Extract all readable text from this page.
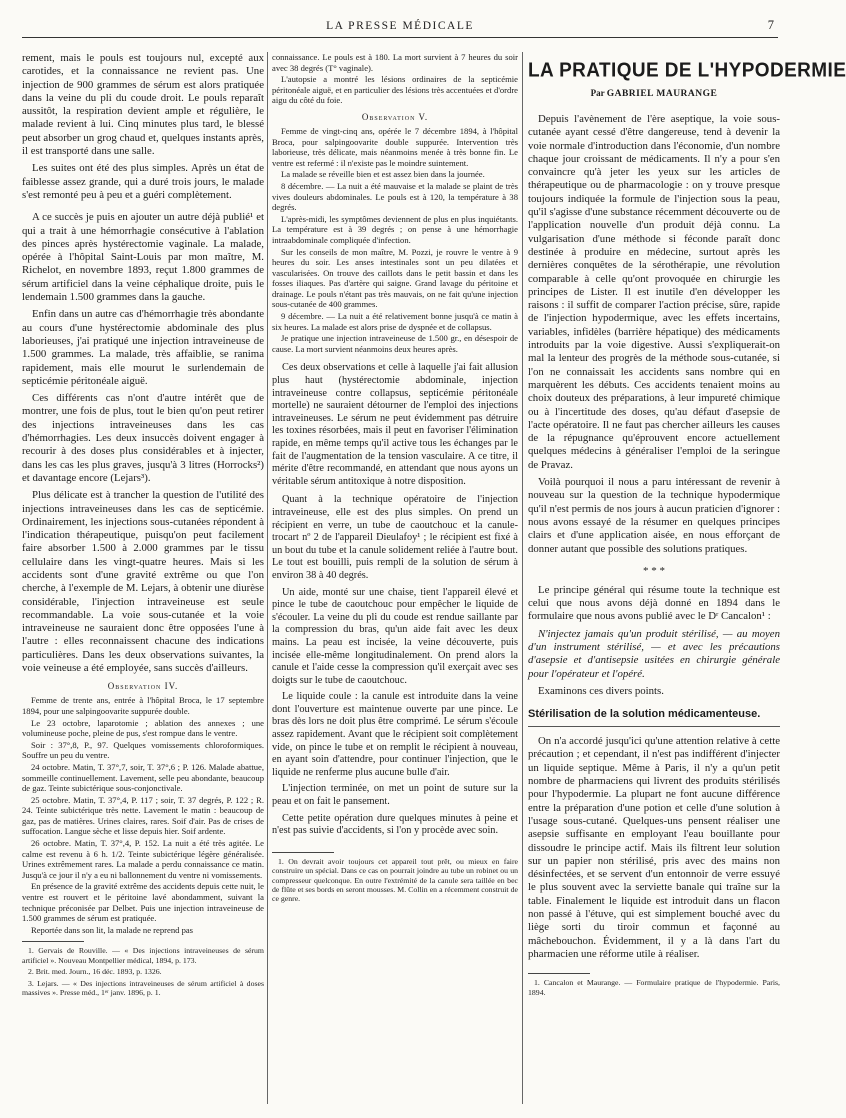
LA PRESSE MÉDICALE	7

rement, mais le pouls est toujours nul, excepté aux carotides, et la connaissance ne revient pas. Une injection de 900 grammes de sérum est alors pratiquée dans la veine du pli du coude droit. Le pouls reparaît aussitôt, la respiration devient ample et régulière, le malade revient à lui. Cinq minutes plus tard, le blessé peut absorber un grog chaud et, quelques instants après, il est transporté dans une salle.

Les suites ont été des plus simples. Après un état de faiblesse assez grande, qui a duré trois jours, le malade s'est remonté peu à peu et a guéri complètement.

A ce succès je puis en ajouter un autre déjà publié¹ et qui a trait à une hémorrhagie consécutive à l'ablation des pinces après hystérectomie vaginale. La malade, opérée à l'hôpital Saint-Louis par mon maître, M. Richelot, en novembre 1893, reçut 1.800 grammes de sérum artificiel dans la veine céphalique droite, puis le lendemain 1.500 grammes dans la gauche.

Enfin dans un autre cas d'hémorrhagie très abondante au cours d'une hystérectomie abdominale des plus laborieuses, j'ai pratiqué une injection intraveineuse de 1.500 grammes. La malade, très affaiblie, se ranima rapidement, mais elle mourut le surlendemain de septicémie péritonéale aiguë.

Ces différents cas n'ont d'autre intérêt que de montrer, une fois de plus, tout le bien qu'on peut retirer des injections intraveineuses dans les cas d'hémorrhagies. Les deux insuccès doivent engager à recourir à des doses plus considérables et à injecter, dans les cas les plus graves, jusqu'à 3 litres (Horrocks²) et davantage encore (Lejars³).

Plus délicate est à trancher la question de l'utilité des injections intraveineuses dans les cas de septicémie. Ordinairement, les injections sous-cutanées répondent à l'indication thérapeutique, puisqu'on peut facilement faire absorber 1.500 à 2.000 grammes par le tissu cellulaire dans les vingt-quatre heures. Mais si les accidents sont d'une gravité extrême ou que l'on cherche, à l'exemple de M. Lejars, à obtenir une diurèse considérable, l'injection intraveineuse est seule recommandable. La voie sous-cutanée et la voie intraveineuse ne sauraient donc être opposées l'une à l'autre : elles reconnaissent chacune des indications particulières. Dans les deux observations suivantes, la voie veineuse a été employée, sans succès d'ailleurs.

Observation IV.

Femme de trente ans, entrée à l'hôpital Broca, le 17 septembre 1894, pour une salpingoovarite suppurée double.

Le 23 octobre, laparotomie ; ablation des annexes ; une volumineuse poche, pleine de pus, s'est rompue dans le ventre.

Soir : 37°,8, P., 97. Quelques vomissements chloroformiques. Souffre un peu du ventre.

24 octobre. Matin, T. 37°,7, soir, T. 37°,6 ; P. 126. Malade abattue, sommeille continuellement. Lavement, selle peu abondante, beaucoup de gaz. Teinte subictérique sous-conjonctivale.

25 octobre. Matin, T. 37°,4, P. 117 ; soir, T. 37 degrés, P. 122 ; R. 24. Teinte subictérique très nette. Lavement le matin : beaucoup de gaz, pas de matières. Urines claires, rares. Soif d'air. Pas de crises de suffocation. Langue sèche et lisse depuis hier. Soif ardente.

26 octobre. Matin, T. 37°,4, P. 152. La nuit a été très agitée. Le calme est revenu à 6 h. 1/2. Teinte subictérique légère généralisée. Urines extrêmement rares. La malade a perdu connaissance ce matin. Jusqu'à ce jour il n'y a eu ni ballonnement du ventre ni vomissements.

En présence de la gravité extrême des accidents depuis cette nuit, le ventre est rouvert et le péritoine lavé abondamment, suivant la technique préconisée par Delbet. Puis une injection intraveineuse de 1.500 grammes de sérum est pratiquée.

Reportée dans son lit, la malade ne reprend pas

1. Gervais de Rouville. — « Des injections intraveineuses de sérum artificiel ». Nouveau Montpellier médical, 1894, p. 173.

2. Brit. med. Journ., 16 déc. 1893, p. 1326.

3. Lejars. — « Des injections intraveineuses de sérum artificiel à doses massives ». Presse méd., 1ᵉʳ janv. 1896, p. 1.

connaissance. Le pouls est à 180. La mort survient à 7 heures du soir avec 38 degrés (T° vaginale).

L'autopsie a montré les lésions ordinaires de la septicémie péritonéale aiguë, et en particulier des lésions très accentuées et d'ordre aigu du côté du foie.

Observation V.

Femme de vingt-cinq ans, opérée le 7 décembre 1894, à l'hôpital Broca, pour salpingoovarite double suppurée. Intervention très laborieuse, très délicate, mais néanmoins menée à très bonne fin. Le ventre est refermé : il n'existe pas le moindre suintement.

La malade se réveille bien et est assez bien dans la journée.

8 décembre. — La nuit a été mauvaise et la malade se plaint de très vives douleurs abdominales. Le pouls est à 120, la température à 38 degrés.

L'après-midi, les symptômes deviennent de plus en plus inquiétants. La température est à 39 degrés ; on pense à une hémorrhagie intraabdominale compliquée d'infection.

Sur les conseils de mon maître, M. Pozzi, je rouvre le ventre à 9 heures du soir. Les anses intestinales sont un peu dilatées et vascularisées. On trouve des caillots dans le petit bassin et dans les fosses iliaques. Pas d'artère qui saigne. Grand lavage du péritoine et drainage. Le pouls n'étant pas très mauvais, on ne fait qu'une injection sous-cutanée de 400 grammes.

9 décembre. — La nuit a été relativement bonne jusqu'à ce matin à six heures. La malade est alors prise de dyspnée et de collapsus.

Je pratique une injection intraveineuse de 1.500 gr., en désespoir de cause. La mort survient néanmoins deux heures après.

Ces deux observations et celle à laquelle j'ai fait allusion plus haut (hystérectomie abdominale, injection intraveineuse contre collapsus, septicémie péritonéale mortelle) ne sauraient détourner de l'emploi des injections intraveineuses. Le sérum ne peut évidemment pas détruire les toxines résorbées, mais il peut en favoriser l'élimination rapide, en même temps qu'il active tous les échanges par le fait de l'augmentation de la tension vasculaire. A ce titre, il mérite d'être recommandé, en attendant que nous ayons un véritable sérum antitoxique à notre disposition.

Quant à la technique opératoire de l'injection intraveineuse, elle est des plus simples. On prend un récipient en verre, un tube de caoutchouc et la canule-trocart nº 2 de l'appareil Dieulafoy¹ ; le récipient est fixé à un bout du tube et la canule solidement reliée à l'autre bout. Le tout est bouilli, puis rempli de la solution de sérum à environ 38 à 40 degrés.

Un aide, monté sur une chaise, tient l'appareil élevé et pince le tube de caoutchouc pour empêcher le liquide de s'écouler. La veine du pli du coude est rendue saillante par la compression du bras, qu'un aide fait avec les deux mains. La peau est incisée, la veine découverte, puis incisée elle-même longitudinalement. On prend alors la canule et l'aide cesse la compression qu'il exerçait avec ses doigts sur le tube de caoutchouc.

Le liquide coule : la canule est introduite dans la veine dont l'ouverture est maintenue ouverte par une pince. Le bras dès lors ne doit plus être comprimé. Le sérum s'écoule assez rapidement. Avant que le récipient soit complètement vide, on pince le tube et on remplit le récipient à nouveau, en ayant soin d'attendre, pour continuer l'injection, que le liquide ne renferme plus aucune bulle d'air.

L'injection terminée, on met un point de suture sur la peau et on fait le pansement.

Cette petite opération dure quelques minutes à peine et n'est pas suivie d'accidents, si l'on y procède avec soin.

1. On devrait avoir toujours cet appareil tout prêt, ou mieux en faire construire un spécial. Dans ce cas on pourrait joindre au tube un robinet ou un compresseur quelconque. En outre l'extrémité de la canule sera taillée en bec de flûte et ses bords en seront mousses. M. Collin en a récemment construit de ce genre.

LA PRATIQUE DE L'HYPODERMIE
Par GABRIEL MAURANGE

Depuis l'avènement de l'ère aseptique, la voie sous-cutanée ayant cessé d'être dangereuse, tend à devenir la voie normale d'introduction dans l'économie, d'un nombre chaque jour croissant de médicaments. Il n'y a pour s'en convaincre qu'à jeter les yeux sur les articles de thérapeutique ou de pharmacologie : on y trouve presque toujours indiquée la formule de l'injection sous la peau, qu'il s'agisse d'une substance récemment découverte ou de l'application nouvelle d'un produit déjà connu. La vulgarisation d'une méthode si féconde paraît donc destinée à produire en médecine, surtout après les dernières conquêtes de la sérothérapie, une révolution comparable à celle qu'ont provoquée en chirurgie les principes de Lister. Il est inutile d'en développer les raisons : il suffit de comparer l'action précise, sûre, rapide de l'injection hypodermique, avec les effets incertains, variables, infidèles (barrière hépatique) des médicaments introduits par la voie digestive. Aussi s'expliquerait-on mal la lenteur des progrès de la méthode sous-cutanée, si l'on ne connaissait les accidents sans nombre qui en marquèrent les débuts. Ces accidents tenaient moins au choix douteux des préparations, à leur impureté chimique ou à l'incertitude des doses, qu'au défaut d'asepsie de l'acte opératoire. Il ne faut pas chercher ailleurs les causes de la répugnance qu'éprouvent encore actuellement quelques médecins à généraliser l'emploi de la seringue de Pravaz.

Voilà pourquoi il nous a paru intéressant de revenir à nouveau sur la question de la technique hypodermique qu'il n'est permis de nos jours à aucun praticien d'ignorer : nous avons essayé de la résumer en quelques principes clairs et d'une application aisée, en nous efforçant de donner autant que possible des solutions pratiques.

* * *

Le principe général qui résume toute la technique est celui que nous avons déjà donné en 1894 dans le formulaire que nous avons publié avec le Dʳ Cancalon¹ :

N'injectez jamais qu'un produit stérilisé, — au moyen d'un instrument stérilisé, — et avec les précautions d'asepsie et d'antisepsie usitées en chirurgie générale pour l'opérateur et l'opéré.

Examinons ces divers points.

Stérilisation de la solution médicamenteuse.

On n'a accordé jusqu'ici qu'une attention relative à cette précaution ; et cependant, il n'est pas indifférent d'injecter un liquide septique. Même à Paris, il n'y a qu'un petit nombre de pharmaciens qui livrent des produits stérilisés pour l'hypodermie. La plupart ne font aucune différence entre la préparation d'une potion et celle d'une solution à l'usage sous-cutané. Quelques-uns pensent réaliser une asepsie suffisante en employant l'eau bouillante pour dissoudre le principe actif. Mais ils filtrent leur solution sur un papier non stérilisé, pris avec des mains non désinfectées, et se servent d'un entonnoir de verre essuyé le plus souvent avec la serviette banale qui traîne sur la table. Finalement le liquide est introduit dans un flacon non passé à l'étuve, qui est simplement bouché avec du liège sorti du tiroir commun et façonné au mâchebouchon. Évidemment, il y a là dans l'art du pharmacien une réforme utile à réaliser.

1. Cancalon et Maurange. — Formulaire pratique de l'hypodermie. Paris, 1894.
